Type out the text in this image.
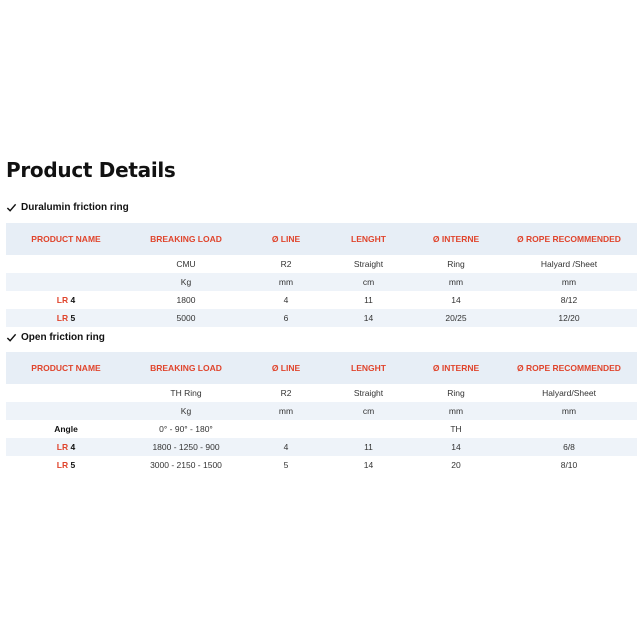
Product Details
Duralumin friction ring
PRODUCT NAME	BREAKING LOAD	Ø LINE	LENGHT	Ø INTERNE	Ø ROPE RECOMMENDED
	CMU	R2	Straight	Ring	Halyard /Sheet
	Kg	mm	cm	mm	mm
LR 4	1800	4	11	14	8/12
LR 5	5000	6	14	20/25	12/20
Open friction ring
PRODUCT NAME	BREAKING LOAD	Ø LINE	LENGHT	Ø INTERNE	Ø ROPE RECOMMENDED
	TH Ring	R2	Straight	Ring	Halyard/Sheet
	Kg	mm	cm	mm	mm
Angle	0° - 90° - 180°			TH	
LR 4	1800 - 1250 - 900	4	11	14	6/8
LR 5	3000 - 2150 - 1500	5	14	20	8/10
